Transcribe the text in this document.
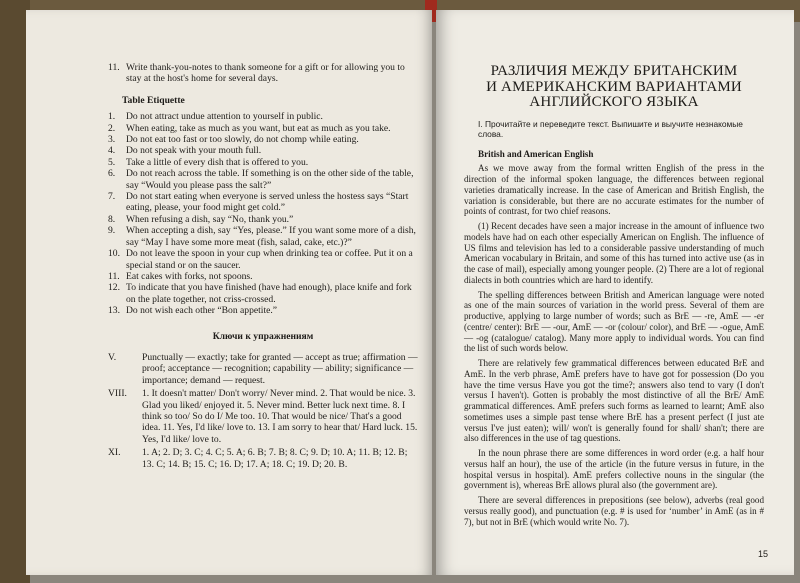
11. Write thank-you-notes to thank someone for a gift or for allowing you to stay at the host's home for several days.
Table Etiquette
1. Do not attract undue attention to yourself in public.
2. When eating, take as much as you want, but eat as much as you take.
3. Do not eat too fast or too slowly, do not chomp while eating.
4. Do not speak with your mouth full.
5. Take a little of every dish that is offered to you.
6. Do not reach across the table. If something is on the other side of the table, say “Would you please pass the salt?”
7. Do not start eating when everyone is served unless the hostess says “Start eating, please, your food might get cold.”
8. When refusing a dish, say “No, thank you.”
9. When accepting a dish, say “Yes, please.” If you want some more of a dish, say “May I have some more meat (fish, salad, cake, etc.)?”
10. Do not leave the spoon in your cup when drinking tea or coffee. Put it on a special stand or on the saucer.
11. Eat cakes with forks, not spoons.
12. To indicate that you have finished (have had enough), place knife and fork on the plate together, not criss-crossed.
13. Do not wish each other “Bon appetite.”
Ключи к упражнениям
V.	Punctually — exactly; take for granted — accept as true; affirmation — proof; acceptance — recognition; capability — ability; significance — importance; demand — request.
VIII. 1. It doesn't matter/ Don't worry/ Never mind. 2. That would be nice. 3. Glad you liked/ enjoyed it. 5. Never mind. Better luck next time. 8. I think so too/ So do I/ Me too. 10. That would be nice/ That's a good idea. 11. Yes, I'd like/ love to. 13. I am sorry to hear that/ Hard luck. 15. Yes, I'd like/ love to.
XI. 1. A; 2. D; 3. C; 4. C; 5. A; 6. B; 7. B; 8. C; 9. D; 10. A; 11. B; 12. B; 13. C; 14. B; 15. C; 16. D; 17. A; 18. C; 19. D; 20. B.
РАЗЛИЧИЯ МЕЖДУ БРИТАНСКИМ
И АМЕРИКАНСКИМ ВАРИАНТАМИ
АНГЛИЙСКОГО ЯЗЫКА
I. Прочитайте и переведите текст. Выпишите и выучите незнакомые слова.
British and American English
As we move away from the formal written English of the press in the direction of the informal spoken language, the differences between regional varieties dramatically increase. In the case of American and British English, the variation is considerable, but there are no accurate estimates for the number of points of contrast, for two chief reasons.
(1) Recent decades have seen a major increase in the amount of influence two models have had on each other especially American on English. The influence of US films and television has led to a considerable passive understanding of much American vocabulary in Britain, and some of this has turned into active use (as in the case of mail), especially among younger people. (2) There are a lot of regional dialects in both countries which are hard to identify.
The spelling differences between British and American language were noted as one of the main sources of variation in the world press. Several of them are productive, applying to large number of words; such as BrE — -re, AmE — -er (centre/ center): BrE — -our, AmE — -or (colour/ color), and BrE — -ogue, AmE — -og (catalogue/ catalog). Many more apply to individual words. You can find the list of such words below.
There are relatively few grammatical differences between educated BrE and AmE. In the verb phrase, AmE prefers have to have got for possession (Do you have the time versus Have you got the time?; answers also tend to vary (I don't versus I haven't). Gotten is probably the most distinctive of all the BrE/ AmE grammatical differences. AmE prefers such forms as learned to learnt; AmE also sometimes uses a simple past tense where BrE has a present perfect (I just ate versus I've just eaten); will/ won't is generally found for shall/ shan't; there are also differences in the use of tag questions.
In the noun phrase there are some differences in word order (e.g. a half hour versus half an hour), the use of the article (in the future versus in future, in the hospital versus in hospital). AmE prefers collective nouns in the singular (the government is), whereas BrE allows plural also (the government are).
There are several differences in prepositions (see below), adverbs (real good versus really good), and punctuation (e.g. # is used for ‘number’ in AmE (as in # 7), but not in BrE (which would write No. 7).
15
